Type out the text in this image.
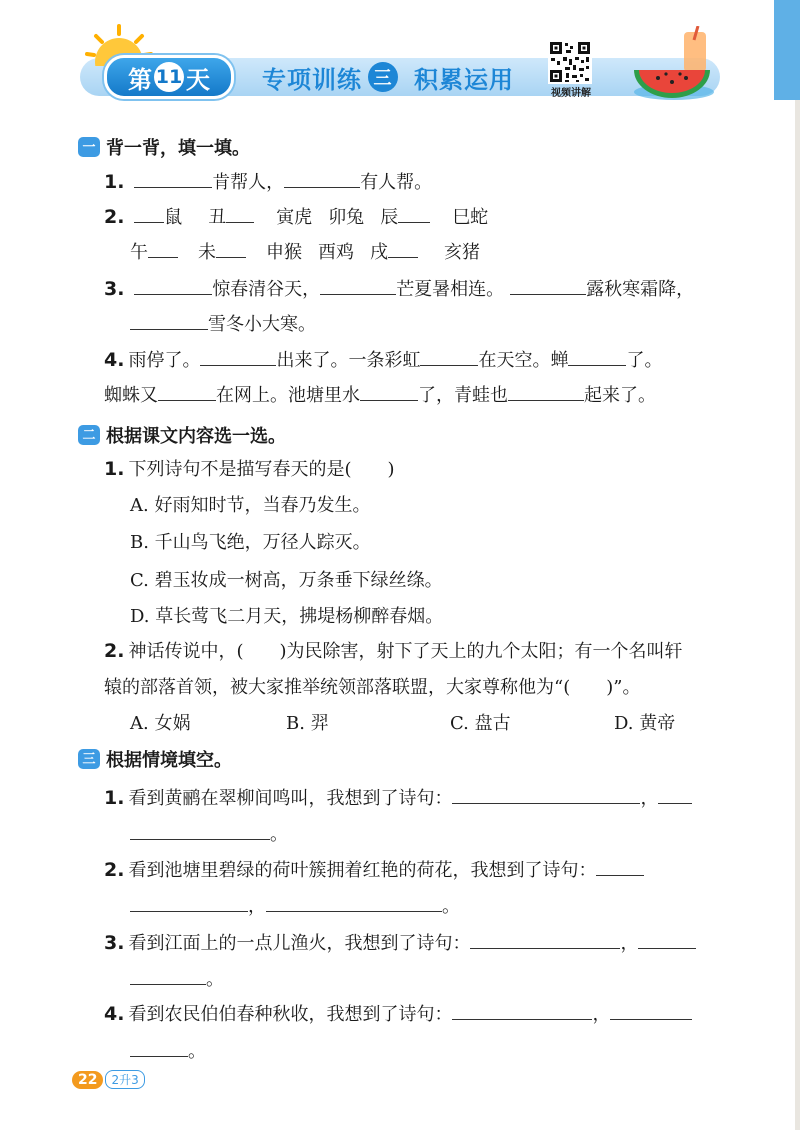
第 11 天 专项训练 三 积累运用	视频讲解
一 背一背，填一填。
1.	肯帮人，	有人帮。
2. 鼠 丑	寅虎 卯兔 辰	巳蛇
午	未	申猴 酉鸡 戌	亥猪
3.	惊春清谷天，	芒夏暑相连。	露秋寒霜降，
雪冬小大寒。
4. 雨停了。	出来了。一条彩虹	在天空。蝉	了。
蜘蛛又	在网上。池塘里水	了，青蛙也	起来了。
二 根据课文内容选一选。
1. 下列诗句不是描写春天的是(　　)
A. 好雨知时节，当春乃发生。
B. 千山鸟飞绝，万径人踪灭。
C. 碧玉妆成一树高，万条垂下绿丝绦。
D. 草长莺飞二月天，拂堤杨柳醉春烟。
2. 神话传说中，(　　)为民除害，射下了天上的九个太阳；有一个名叫轩
辕的部落首领，被大家推举统领部落联盟，大家尊称他为“(　　)”。
A. 女娲	B. 羿	C. 盘古	D. 黄帝
三 根据情境填空。
1. 看到黄鹂在翠柳间鸣叫，我想到了诗句：	，
。
2. 看到池塘里碧绿的荷叶簇拥着红艳的荷花，我想到了诗句：
，	。
3. 看到江面上的一点儿渔火，我想到了诗句：	，
。
4. 看到农民伯伯春种秋收，我想到了诗句：	，
。
22	2升3
